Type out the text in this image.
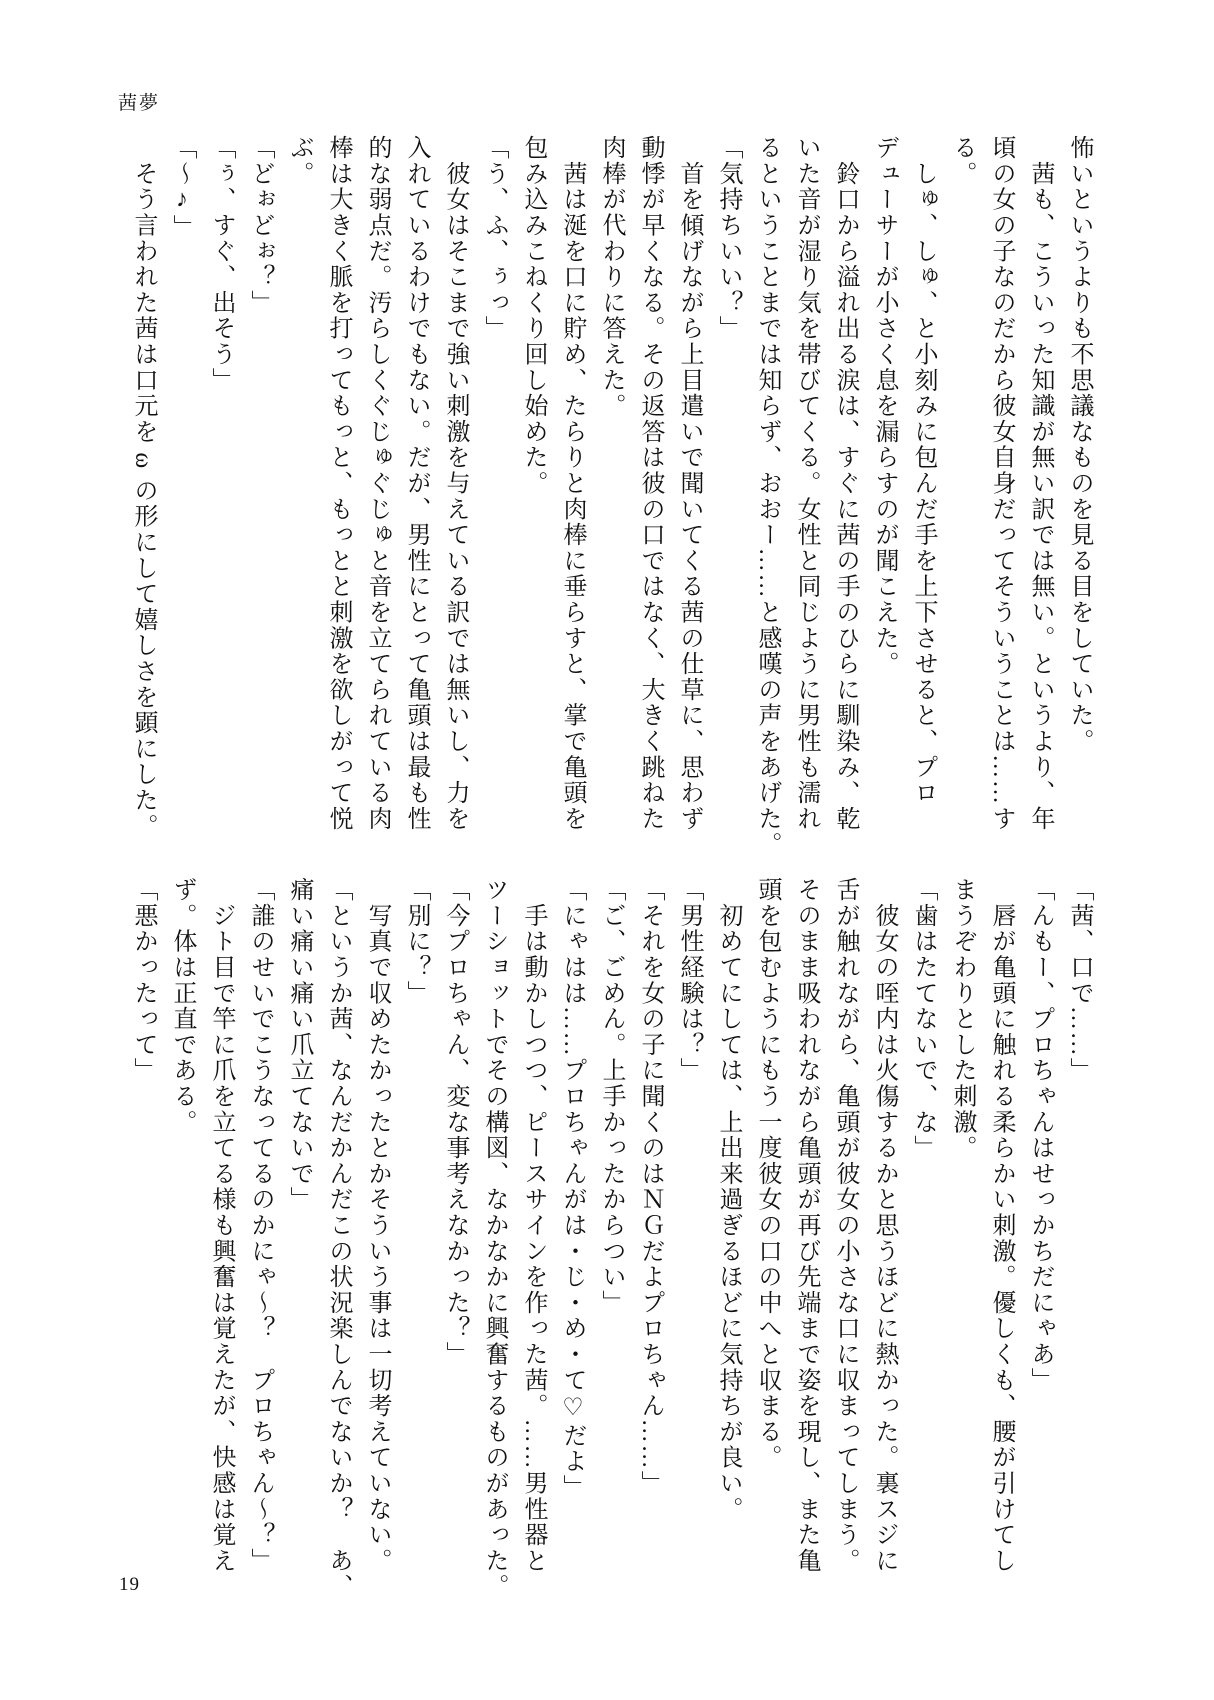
茜夢
怖いというよりも不思議なものを見る目をしていた。
　茜も、こういった知識が無い訳では無い。というより、年
頃の女の子なのだから彼女自身だってそういうことは……す
る。
　しゅ、しゅ、と小刻みに包んだ手を上下させると、プロ
デューサーが小さく息を漏らすのが聞こえた。
　鈴口から溢れ出る涙は、すぐに茜の手のひらに馴染み、乾
いた音が湿り気を帯びてくる。女性と同じように男性も濡れ
るということまでは知らず、おおー……と感嘆の声をあげた。
「気持ちいい？」
　首を傾げながら上目遣いで聞いてくる茜の仕草に、思わず
動悸が早くなる。その返答は彼の口ではなく、大きく跳ねた
肉棒が代わりに答えた。
　茜は涎を口に貯め、たらりと肉棒に垂らすと、掌で亀頭を
包み込みこねくり回し始めた。
「う、ふ、ぅっ」
　彼女はそこまで強い刺激を与えている訳では無いし、力を
入れているわけでもない。だが、男性にとって亀頭は最も性
的な弱点だ。汚らしくぐじゅぐじゅと音を立てられている肉
棒は大きく脈を打ってもっと、もっとと刺激を欲しがって悦
ぶ。
「どぉどぉ？」
「ぅ、すぐ、出そう」
「〜♪」
　そう言われた茜は口元を ω の形にして嬉しさを顕にした。
「茜、口で……」
「んもー、プロちゃんはせっかちだにゃあ」
　唇が亀頭に触れる柔らかい刺激。優しくも、腰が引けてし
まうぞわりとした刺激。
「歯はたてないで、な」
　彼女の咥内は火傷するかと思うほどに熱かった。裏スジに
舌が触れながら、亀頭が彼女の小さな口に収まってしまう。
そのまま吸われながら亀頭が再び先端まで姿を現し、また亀
頭を包むようにもう一度彼女の口の中へと収まる。
　初めてにしては、上出来過ぎるほどに気持ちが良い。
「男性経験は？」
「それを女の子に聞くのはＮＧだよプロちゃん……」
「ご、ごめん。上手かったからつい」
「にゃはは……プロちゃんがは・じ・め・て♡だよ」
　手は動かしつつ、ピースサインを作った茜。……男性器と
ツーショットでその構図、なかなかに興奮するものがあった。
「今プロちゃん、変な事考えなかった？」
「別に？」
　写真で収めたかったとかそういう事は一切考えていない。
「というか茜、なんだかんだこの状況楽しんでないか？　あ、
痛い痛い痛い爪立てないで」
「誰のせいでこうなってるのかにゃ〜？　プロちゃん〜？」
　ジト目で竿に爪を立てる様も興奮は覚えたが、快感は覚え
ず。体は正直である。
「悪かったって」
19
